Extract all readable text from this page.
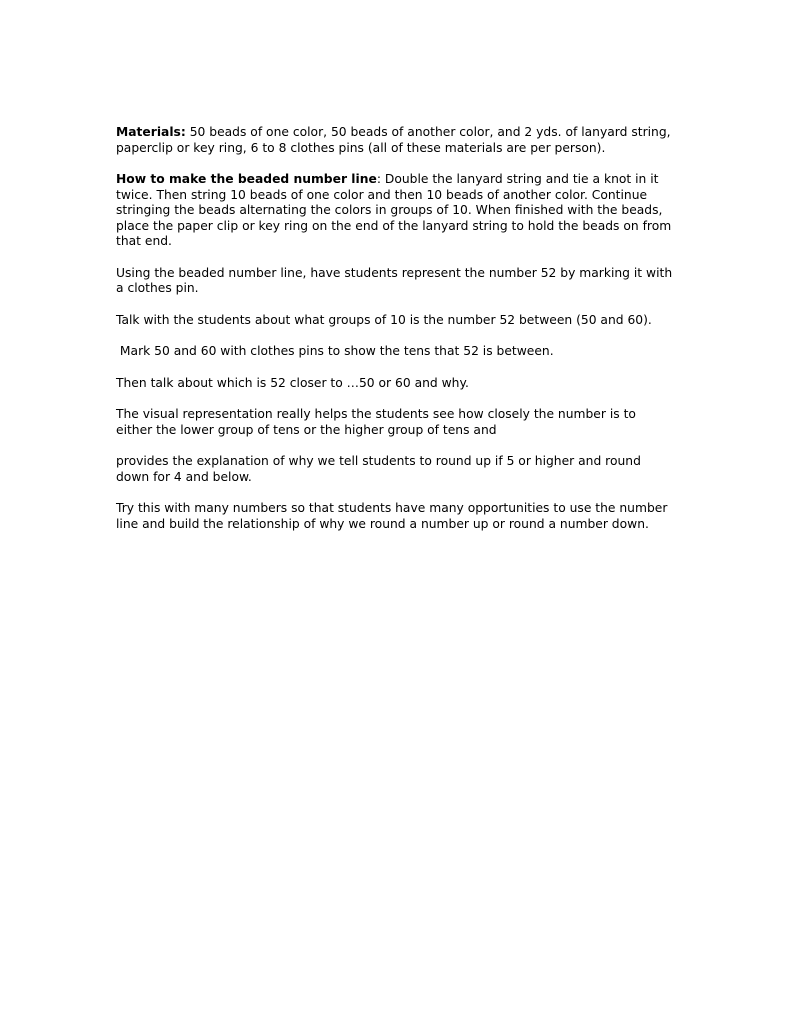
Materials: 50 beads of one color, 50 beads of another color, and 2 yds. of lanyard string, paperclip or key ring, 6 to 8 clothes pins (all of these materials are per person).

How to make the beaded number line: Double the lanyard string and tie a knot in it twice. Then string 10 beads of one color and then 10 beads of another color. Continue stringing the beads alternating the colors in groups of 10. When finished with the beads, place the paper clip or key ring on the end of the lanyard string to hold the beads on from that end.

Using the beaded number line, have students represent the number 52 by marking it with a clothes pin.

Talk with the students about what groups of 10 is the number 52 between (50 and 60).

Mark 50 and 60 with clothes pins to show the tens that 52 is between.

Then talk about which is 52 closer to …50 or 60 and why.

The visual representation really helps the students see how closely the number is to either the lower group of tens or the higher group of tens and

provides the explanation of why we tell students to round up if 5 or higher and round down for 4 and below.

Try this with many numbers so that students have many opportunities to use the number line and build the relationship of why we round a number up or round a number down.
